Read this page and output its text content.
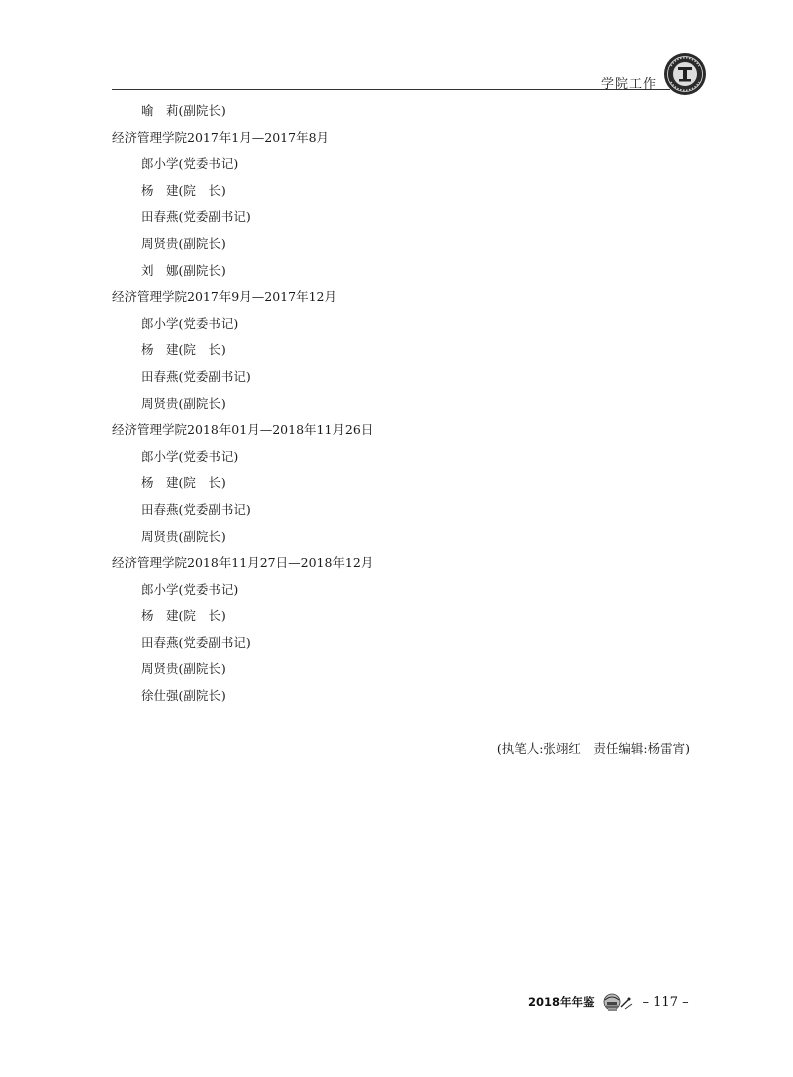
学院工作
喻　莉(副院长)
经济管理学院2017年1月—2017年8月
郎小学(党委书记)
杨　建(院　长)
田春燕(党委副书记)
周贤贵(副院长)
刘　娜(副院长)
经济管理学院2017年9月—2017年12月
郎小学(党委书记)
杨　建(院　长)
田春燕(党委副书记)
周贤贵(副院长)
经济管理学院2018年01月—2018年11月26日
郎小学(党委书记)
杨　建(院　长)
田春燕(党委副书记)
周贤贵(副院长)
经济管理学院2018年11月27日—2018年12月
郎小学(党委书记)
杨　建(院　长)
田春燕(党委副书记)
周贤贵(副院长)
徐仕强(副院长)
(执笔人:张翊红　责任编辑:杨雷宵)
2018年年鉴	– 117 –
